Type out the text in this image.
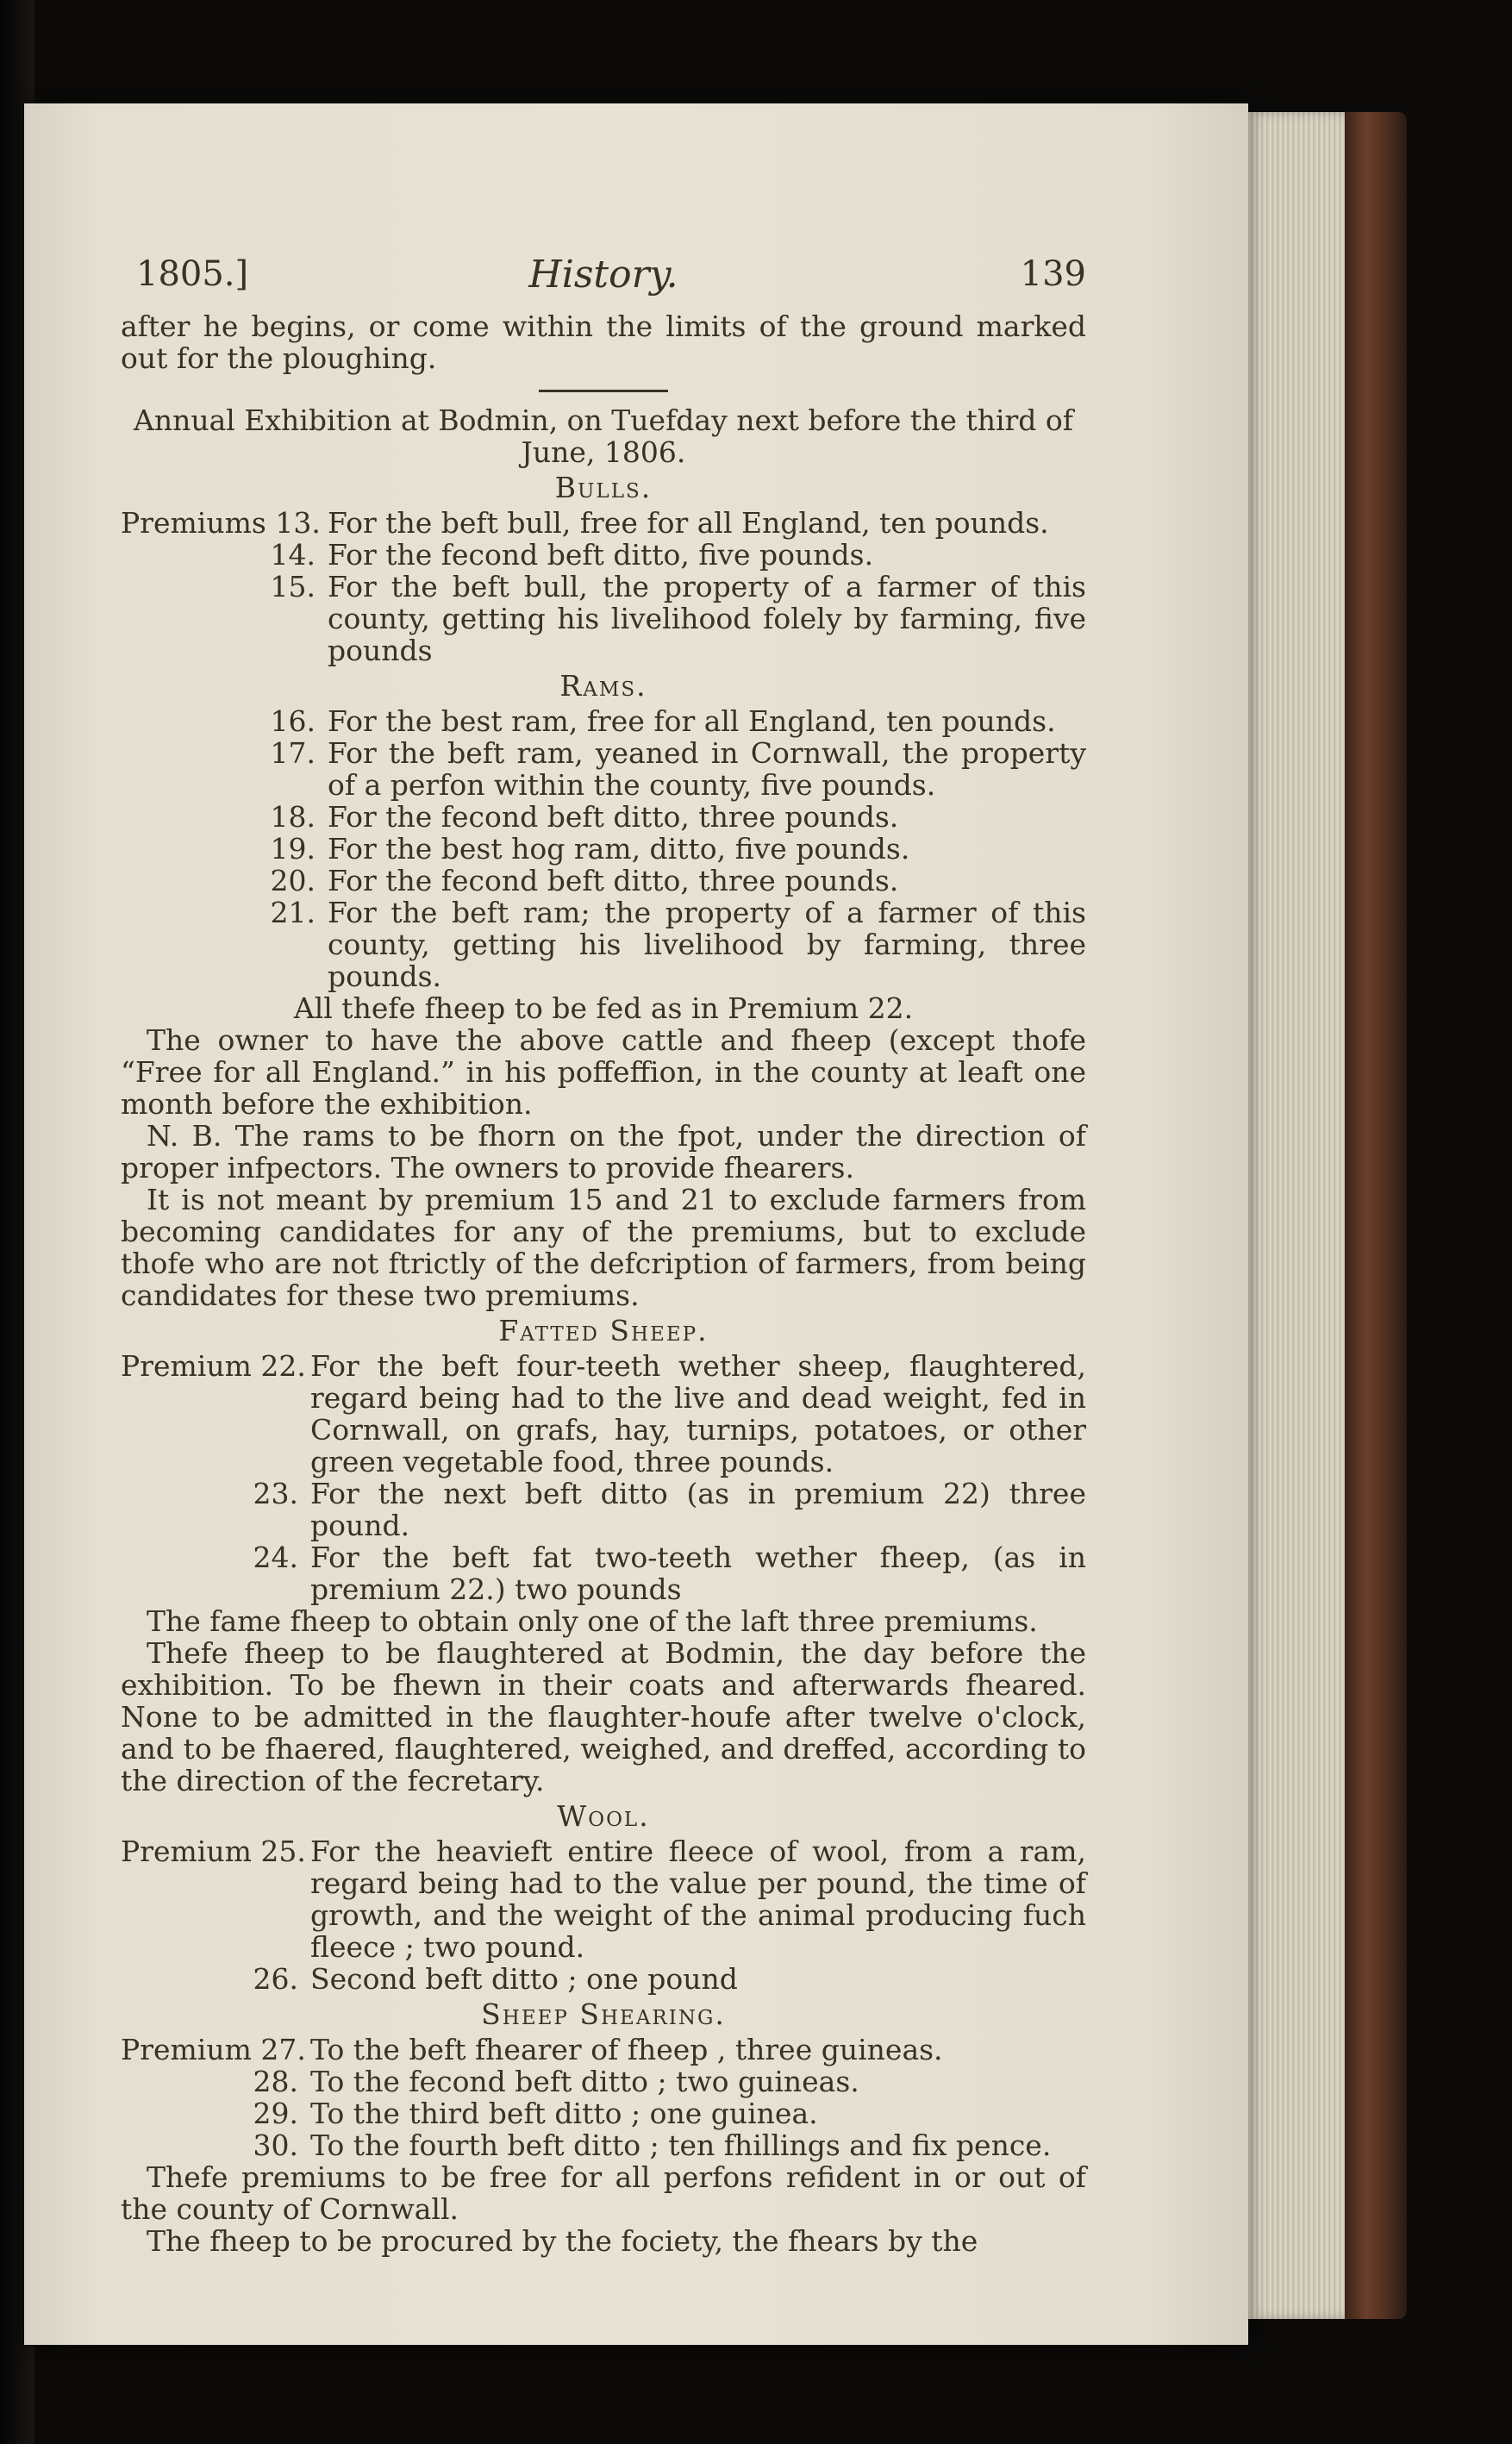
1805.]	History.	139

after he begins, or come within the limits of the ground marked out for the ploughing.

Annual Exhibition at Bodmin, on Tuefday next before the third of June, 1806.

Bulls.
Premiums 13. For the beft bull, free for all England, ten pounds.
14. For the fecond beft ditto, five pounds.
15. For the beft bull, the property of a farmer of this county, getting his livelihood folely by farming, five pounds
Rams.
16. For the best ram, free for all England, ten pounds.
17. For the beft ram, yeaned in Cornwall, the property of a perfon within the county, five pounds.
18. For the fecond beft ditto, three pounds.
19. For the best hog ram, ditto, five pounds.
20. For the fecond beft ditto, three pounds.
21. For the beft ram; the property of a farmer of this county, getting his livelihood by farming, three pounds.

All thefe fheep to be fed as in Premium 22.

The owner to have the above cattle and fheep (except thofe “Free for all England.” in his poffeffion, in the county at leaft one month before the exhibition.

N. B. The rams to be fhorn on the fpot, under the direction of proper infpectors. The owners to provide fhearers.

It is not meant by premium 15 and 21 to exclude farmers from becoming candidates for any of the premiums, but to exclude thofe who are not ftrictly of the defcription of farmers, from being candidates for these two premiums.

Fatted Sheep.
Premium 22. For the beft four-teeth wether sheep, flaughtered, regard being had to the live and dead weight, fed in Cornwall, on grafs, hay, turnips, potatoes, or other green vegetable food, three pounds.
23. For the next beft ditto (as in premium 22) three pound.
24. For the beft fat two-teeth wether fheep, (as in premium 22.) two pounds

The fame fheep to obtain only one of the laft three premiums.

Thefe fheep to be flaughtered at Bodmin, the day before the exhibition. To be fhewn in their coats and afterwards fheared. None to be admitted in the flaughter-houfe after twelve o'clock, and to be fhaered, flaughtered, weighed, and dreffed, according to the direction of the fecretary.

Wool.
Premium 25. For the heavieft entire fleece of wool, from a ram, regard being had to the value per pound, the time of growth, and the weight of the animal producing fuch fleece ; two pound.
26. Second beft ditto ; one pound
Sheep Shearing.
Premium 27. To the beft fhearer of fheep , three guineas.
28. To the fecond beft ditto ; two guineas.
29. To the third beft ditto ; one guinea.
30. To the fourth beft ditto ; ten fhillings and fix pence.

Thefe premiums to be free for all perfons refident in or out of the county of Cornwall.

The fheep to be procured by the fociety, the fhears by the
